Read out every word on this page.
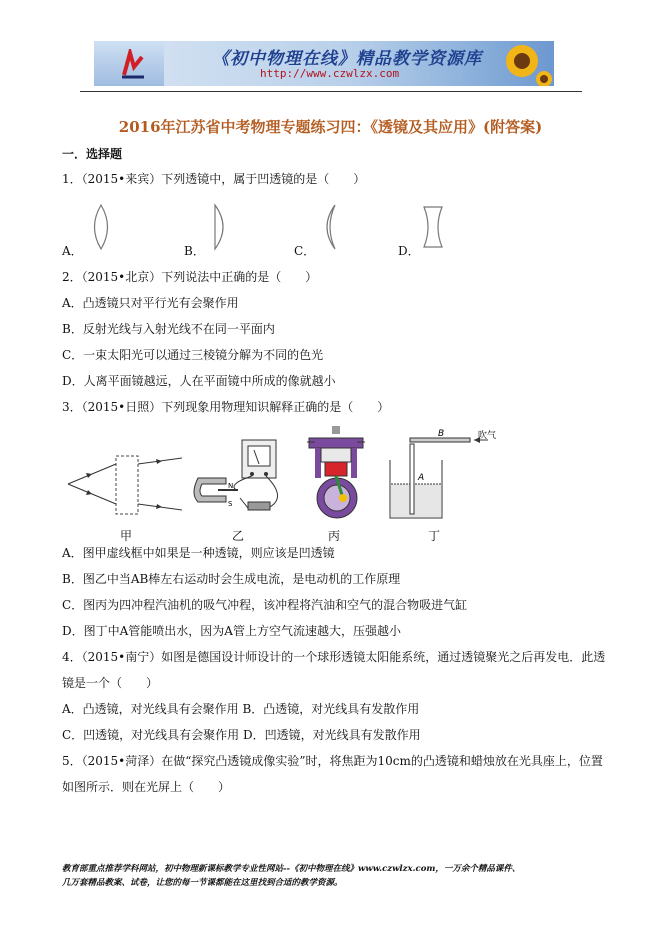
《初中物理在线》精品教学资源库
http://www.czwlzx.com
2016年江苏省中考物理专题练习四：《透镜及其应用》(附答案)
一．选择题
1．（2015•来宾）下列透镜中，属于凹透镜的是（　　）
A．	B．	C．	D．
2．（2015•北京）下列说法中正确的是（　　）
A．凸透镜只对平行光有会聚作用
B．反射光线与入射光线不在同一平面内
C．一束太阳光可以通过三棱镜分解为不同的色光
D．人离平面镜越远，人在平面镜中所成的像就越小
3．（2015•日照）下列现象用物理知识解释正确的是（　　）
N
S
B	吹气
A
甲	乙	丙	丁
A．图甲虚线框中如果是一种透镜，则应该是凹透镜
B．图乙中当AB棒左右运动时会生成电流，是电动机的工作原理
C．图丙为四冲程汽油机的吸气冲程，该冲程将汽油和空气的混合物吸进气缸
D．图丁中A管能喷出水，因为A管上方空气流速越大，压强越小
4．（2015•南宁）如图是德国设计师设计的一个球形透镜太阳能系统，通过透镜聚光之后再发电．此透
镜是一个（　　）
A．凸透镜，对光线具有会聚作用 B．凸透镜，对光线具有发散作用
C．凹透镜，对光线具有会聚作用 D．凹透镜，对光线具有发散作用
5．（2015•菏泽）在做“探究凸透镜成像实验”时，将焦距为10cm的凸透镜和蜡烛放在光具座上，位置
如图所示．则在光屏上（　　）
教育部重点推荐学科网站，初中物理新课标教学专业性网站--《初中物理在线》www.czwlzx.com，一万余个精品课件、
几万套精品教案、试卷，让您的每一节课都能在这里找到合适的教学资源。
